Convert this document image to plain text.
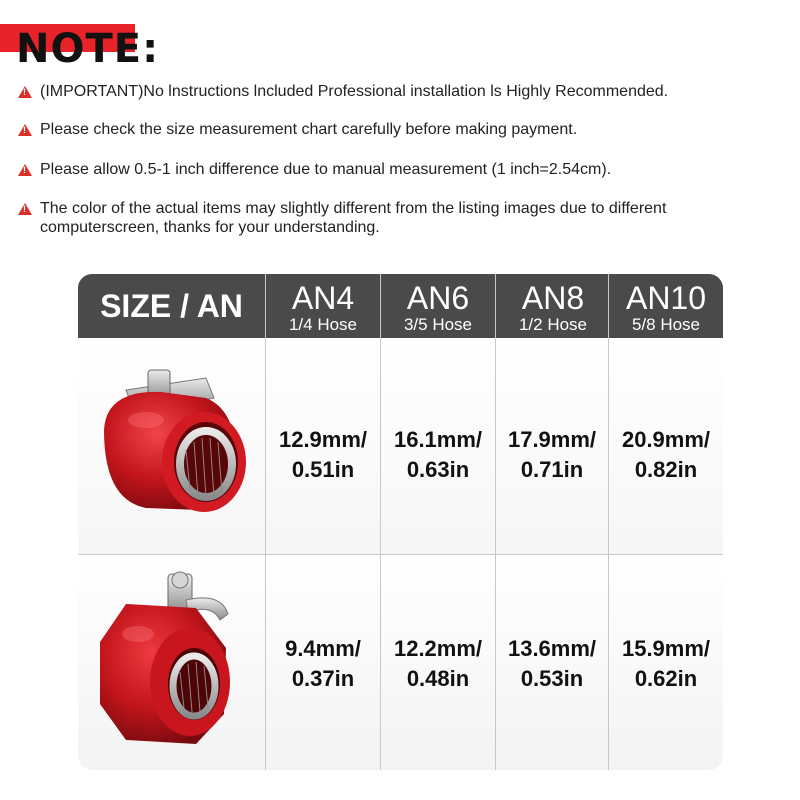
NOTE:
!
(IMPORTANT)No lnstructions lncluded Professional installation ls Highly Recommended.
!
Please check the size measurement chart carefully before making payment.
!
Please allow 0.5-1 inch difference due to manual measurement (1 inch=2.54cm).
!
The color of the actual items may slightly different from the listing images due to different computerscreen, thanks for your understanding.
SIZE / AN	AN4
1/4 Hose
AN6
3/5 Hose
AN8
1/2 Hose
AN10
5/8 Hose
12.9mm/
0.51in
16.1mm/
0.63in
17.9mm/
0.71in
20.9mm/
0.82in
9.4mm/
0.37in
12.2mm/
0.48in
13.6mm/
0.53in
15.9mm/
0.62in
